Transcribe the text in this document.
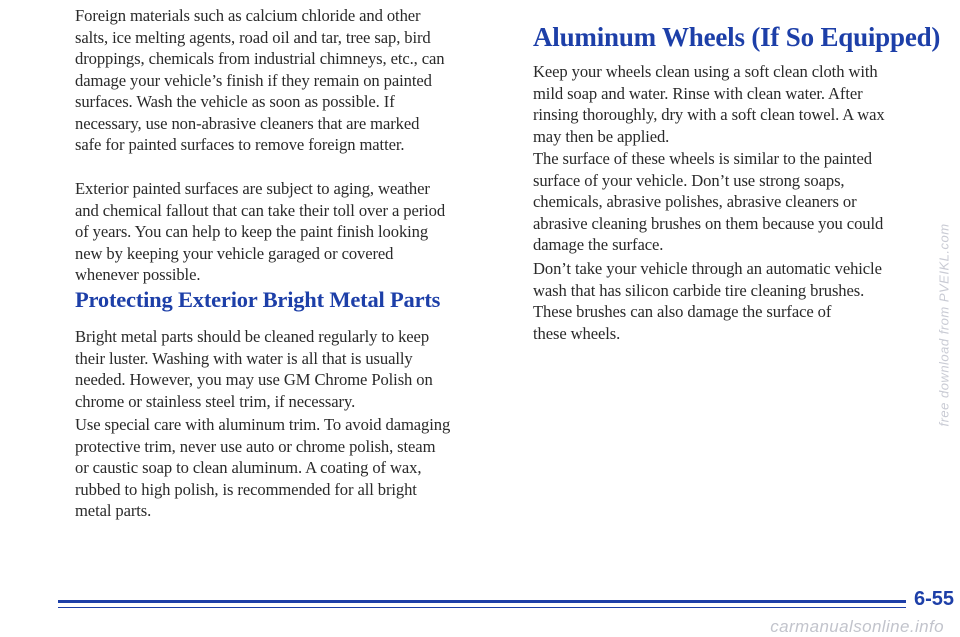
Foreign materials such as calcium chloride and other
salts, ice melting agents, road oil and tar, tree sap, bird
droppings, chemicals from industrial chimneys, etc., can
damage your vehicle’s finish if they remain on painted
surfaces. Wash the vehicle as soon as possible. If
necessary, use non-abrasive cleaners that are marked
safe for painted surfaces to remove foreign matter.

Exterior painted surfaces are subject to aging, weather
and chemical fallout that can take their toll over a period
of years. You can help to keep the paint finish looking
new by keeping your vehicle garaged or covered
whenever possible.

Protecting Exterior Bright Metal Parts

Bright metal parts should be cleaned regularly to keep
their luster. Washing with water is all that is usually
needed. However, you may use GM Chrome Polish on
chrome or stainless steel trim, if necessary.

Use special care with aluminum trim. To avoid damaging
protective trim, never use auto or chrome polish, steam
or caustic soap to clean aluminum. A coating of wax,
rubbed to high polish, is recommended for all bright
metal parts.

Aluminum Wheels (If So Equipped)

Keep your wheels clean using a soft clean cloth with
mild soap and water. Rinse with clean water. After
rinsing thoroughly, dry with a soft clean towel. A wax
may then be applied.

The surface of these wheels is similar to the painted
surface of your vehicle. Don’t use strong soaps,
chemicals, abrasive polishes, abrasive cleaners or
abrasive cleaning brushes on them because you could
damage the surface.

Don’t take your vehicle through an automatic vehicle
wash that has silicon carbide tire cleaning brushes.
These brushes can also damage the surface of
these wheels.

6-55
free download from PVEIKL.com
carmanualsonline.info
